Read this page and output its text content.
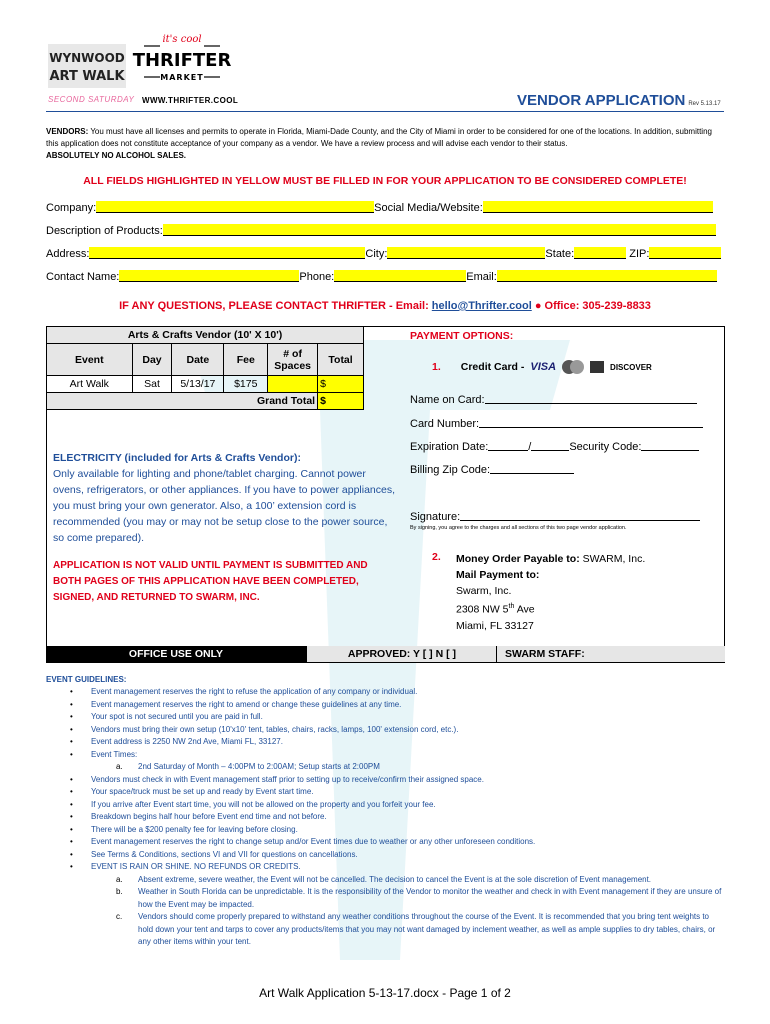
WYNWOOD
ART WALK
SECOND SATURDAY
it's cool
THRIFTER
MARKET
WWW.THRIFTER.COOL	VENDOR APPLICATION Rev 5.13.17
VENDORS: You must have all licenses and permits to operate in Florida, Miami-Dade County, and the City of Miami in order to be considered for one of the locations. In addition, submitting this application does not constitute acceptance of your company as a vendor. We have a review process and will advise each vendor to their status.
ABSOLUTELY NO ALCOHOL SALES.
ALL FIELDS HIGHLIGHTED IN YELLOW MUST BE FILLED IN FOR YOUR APPLICATION TO BE CONSIDERED COMPLETE!
Company:	Social Media/Website:
Description of Products:
Address:	City:	State:	ZIP:
Contact Name:	Phone:	Email:
IF ANY QUESTIONS, PLEASE CONTACT THRIFTER - Email: hello@Thrifter.cool ● Office: 305-239-8833
Arts & Crafts Vendor (10' X 10')					
Event	Day	Date	Fee	# of Spaces	Total
Art Walk	Sat	5/13/17	$175		$
Grand Total					$
PAYMENT OPTIONS:
1. Credit Card - VISA	DISCOVER
Name on Card:
Card Number:
Expiration Date:	/	Security Code:
Billing Zip Code:
Signature:
By signing, you agree to the charges and all sections of this two page vendor application.
ELECTRICITY (included for Arts & Crafts Vendor):
Only available for lighting and phone/tablet charging. Cannot power ovens, refrigerators, or other appliances. If you have to power appliances, you must bring your own generator. Also, a 100’ extension cord is recommended (you may or may not be setup close to the power source, so come prepared).
APPLICATION IS NOT VALID UNTIL PAYMENT IS SUBMITTED AND BOTH PAGES OF THIS APPLICATION HAVE BEEN COMPLETED, SIGNED, AND RETURNED TO SWARM, INC.
2. Money Order Payable to: SWARM, Inc.
Mail Payment to:
Swarm, Inc.
2308 NW 5th Ave
Miami, FL 33127
OFFICE USE ONLY	APPROVED: Y [ ] N [ ]	SWARM STAFF:
EVENT GUIDELINES:
• Event management reserves the right to refuse the application of any company or individual.
• Event management reserves the right to amend or change these guidelines at any time.
• Your spot is not secured until you are paid in full.
• Vendors must bring their own setup (10'x10' tent, tables, chairs, racks, lamps, 100' extension cord, etc.).
• Event address is 2250 NW 2nd Ave, Miami FL, 33127.
• Event Times:
a. 2nd Saturday of Month – 4:00PM to 2:00AM; Setup starts at 2:00PM
• Vendors must check in with Event management staff prior to setting up to receive/confirm their assigned space.
• Your space/truck must be set up and ready by Event start time.
• If you arrive after Event start time, you will not be allowed on the property and you forfeit your fee.
• Breakdown begins half hour before Event end time and not before.
• There will be a $200 penalty fee for leaving before closing.
• Event management reserves the right to change setup and/or Event times due to weather or any other unforeseen conditions.
• See Terms & Conditions, sections VI and VII for questions on cancellations.
• EVENT IS RAIN OR SHINE. NO REFUNDS OR CREDITS.
a. Absent extreme, severe weather, the Event will not be cancelled. The decision to cancel the Event is at the sole discretion of Event management.
b. Weather in South Florida can be unpredictable. It is the responsibility of the Vendor to monitor the weather and check in with Event management if they are unsure of how the Event may be impacted.
c. Vendors should come properly prepared to withstand any weather conditions throughout the course of the Event. It is recommended that you bring tent weights to hold down your tent and tarps to cover any products/items that you may not want damaged by inclement weather, as well as ample supplies to dry tables, chairs, or any other items within your tent.
Art Walk Application 5-13-17.docx - Page 1 of 2
